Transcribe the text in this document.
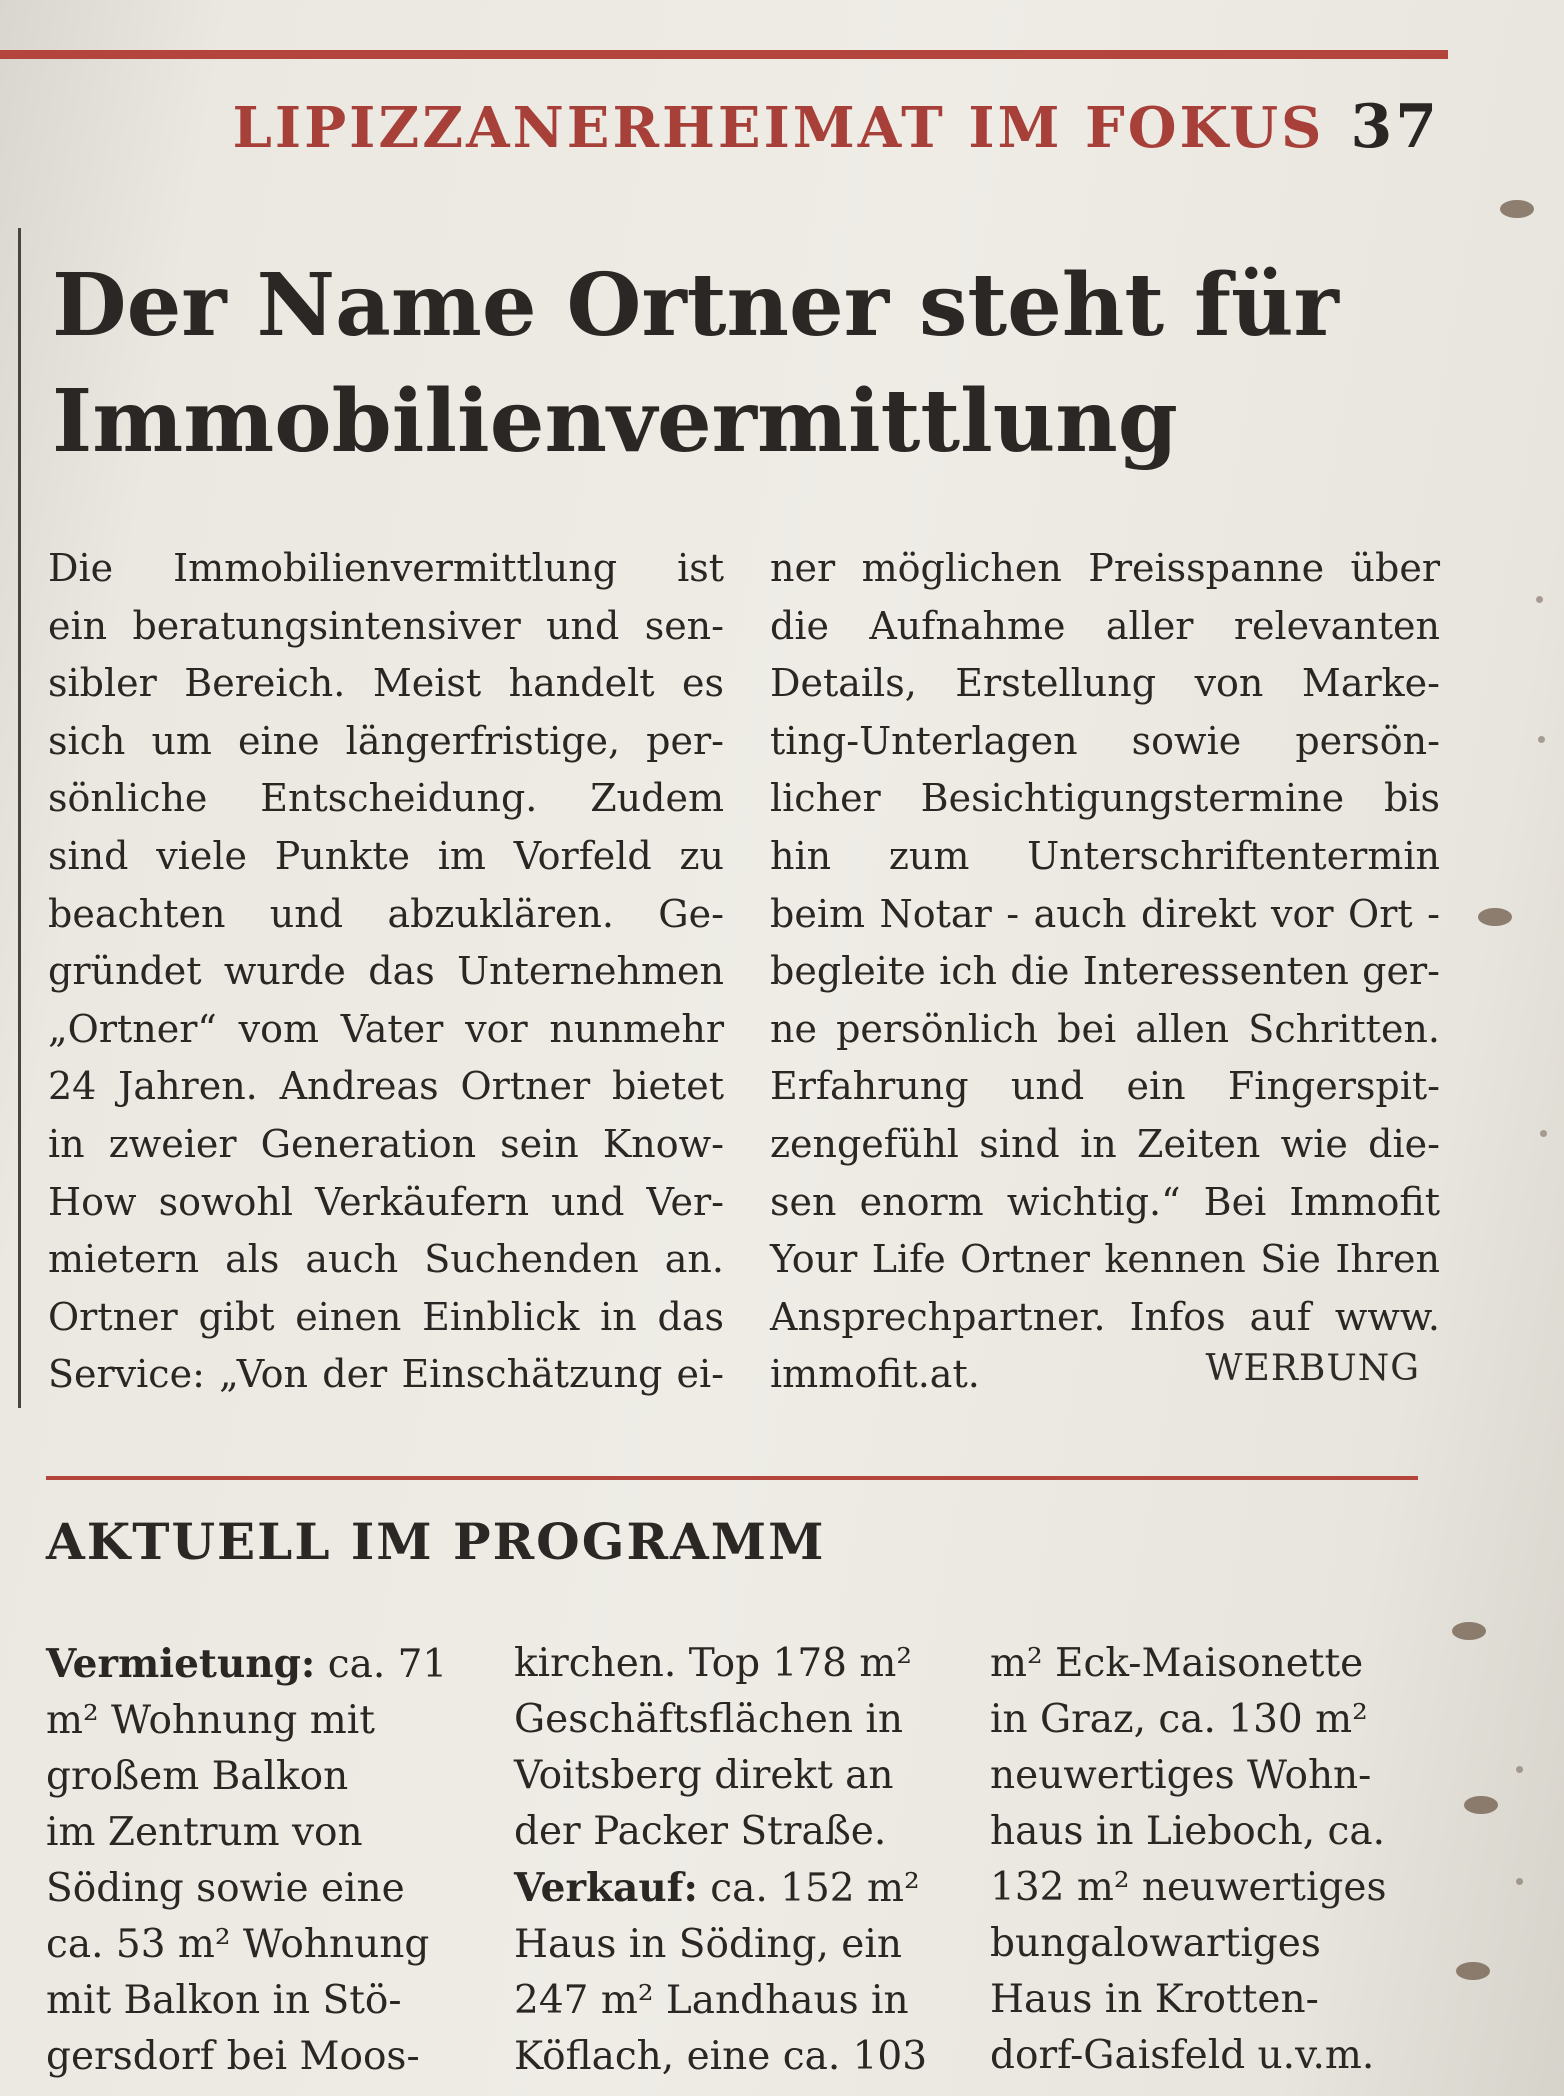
LIPIZZANERHEIMAT IM FOKUS 37
Der Name Ortner steht für
Immobilienvermittlung
Die Immobilienvermittlung ist
ein beratungsintensiver und sen-
sibler Bereich. Meist handelt es
sich um eine längerfristige, per-
sönliche Entscheidung. Zudem
sind viele Punkte im Vorfeld zu
beachten und abzuklären. Ge-
gründet wurde das Unternehmen
„Ortner“ vom Vater vor nunmehr
24 Jahren. Andreas Ortner bietet
in zweier Generation sein Know-
How sowohl Verkäufern und Ver-
mietern als auch Suchenden an.
Ortner gibt einen Einblick in das
Service: „Von der Einschätzung ei-
ner möglichen Preisspanne über
die Aufnahme aller relevanten
Details, Erstellung von Marke-
ting-Unterlagen sowie persön-
licher Besichtigungstermine bis
hin zum Unterschriftentermin
beim Notar - auch direkt vor Ort -
begleite ich die Interessenten ger-
ne persönlich bei allen Schritten.
Erfahrung und ein Fingerspit-
zengefühl sind in Zeiten wie die-
sen enorm wichtig.“ Bei Immofit
Your Life Ortner kennen Sie Ihren
Ansprechpartner. Infos auf www.
immofit.at.	WERBUNG
AKTUELL IM PROGRAMM
Vermietung: ca. 71
m² Wohnung mit
großem Balkon
im Zentrum von
Söding sowie eine
ca. 53 m² Wohnung
mit Balkon in Stö-
gersdorf bei Moos-
kirchen. Top 178 m²
Geschäftsflächen in
Voitsberg direkt an
der Packer Straße.
Verkauf: ca. 152 m²
Haus in Söding, ein
247 m² Landhaus in
Köflach, eine ca. 103
m² Eck-Maisonette
in Graz, ca. 130 m²
neuwertiges Wohn-
haus in Lieboch, ca.
132 m² neuwertiges
bungalowartiges
Haus in Krotten-
dorf-Gaisfeld u.v.m.
